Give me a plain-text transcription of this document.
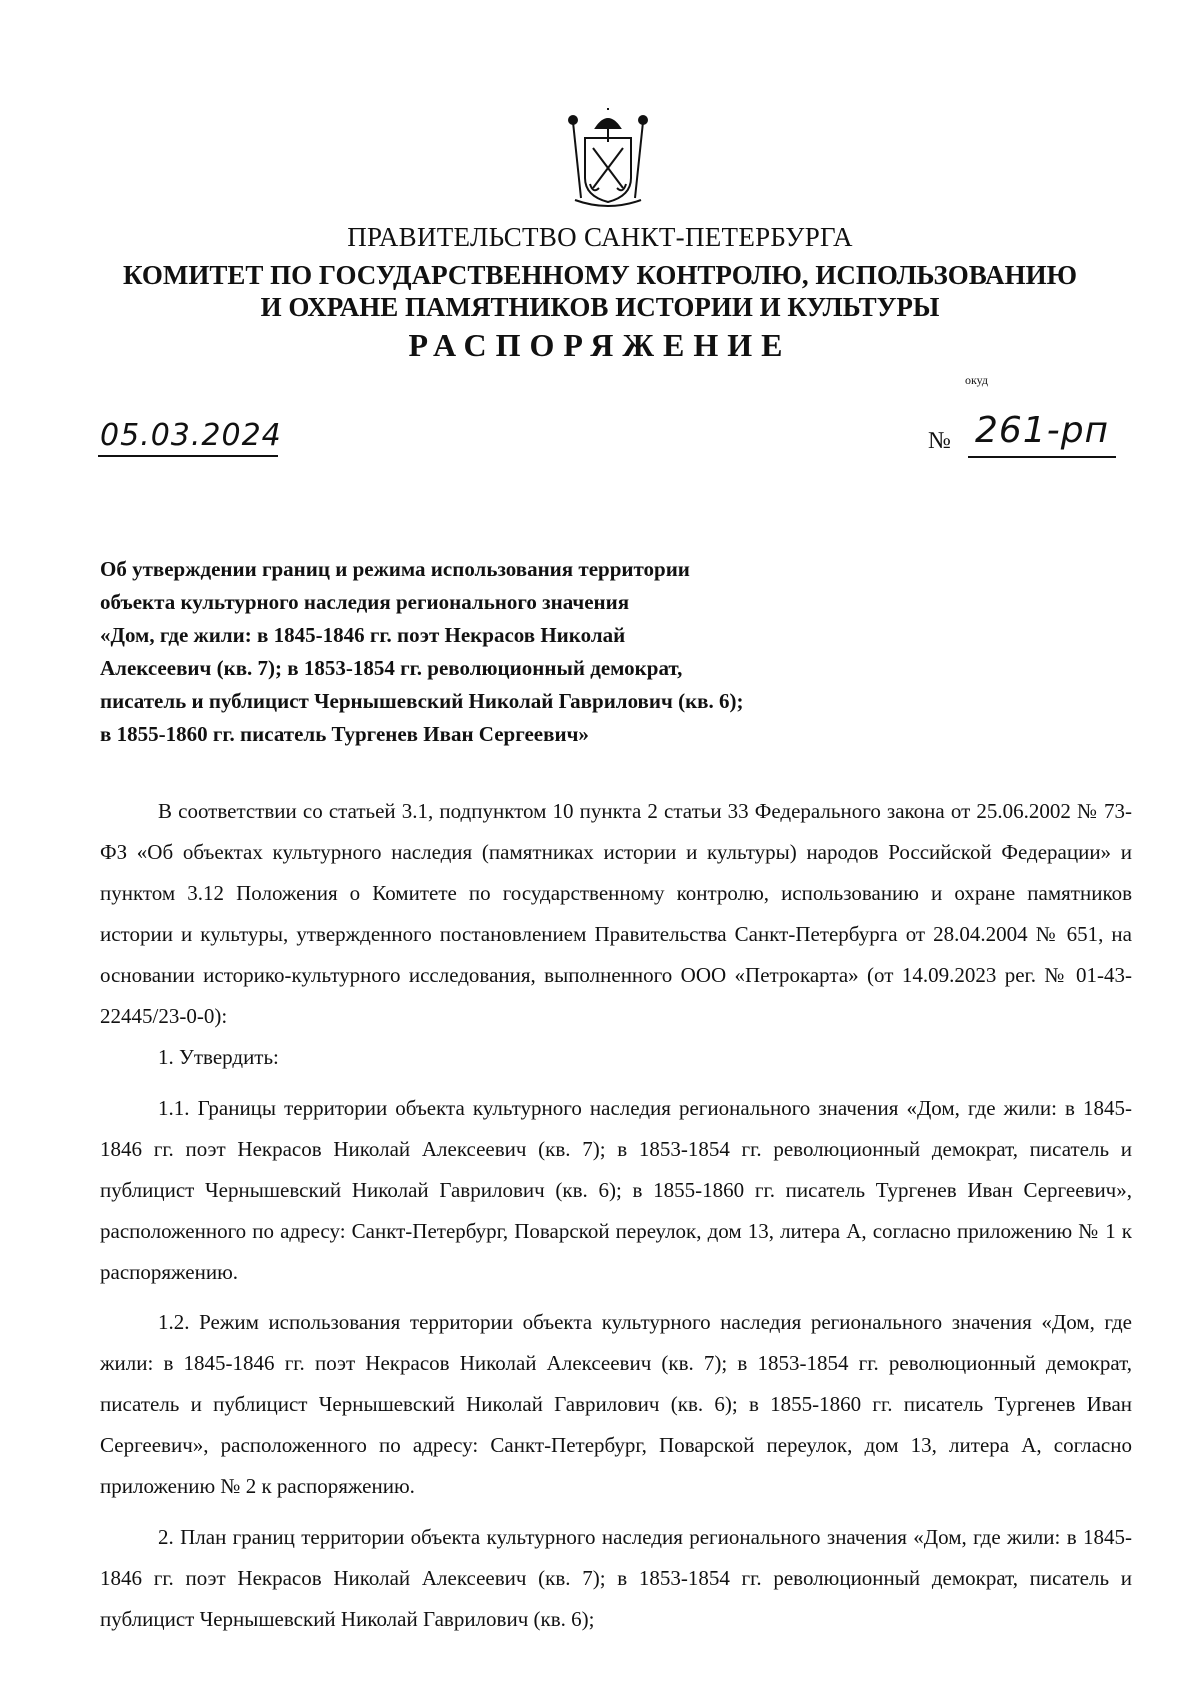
ПРАВИТЕЛЬСТВО САНКТ-ПЕТЕРБУРГА
КОМИТЕТ ПО ГОСУДАРСТВЕННОМУ КОНТРОЛЮ, ИСПОЛЬЗОВАНИЮ
И ОХРАНЕ ПАМЯТНИКОВ ИСТОРИИ И КУЛЬТУРЫ
РАСПОРЯЖЕНИЕ
окуд
05.03.2024	№ 261-рп
Об утверждении границ и режима использования территории
объекта культурного наследия регионального значения
«Дом, где жили: в 1845-1846 гг. поэт Некрасов Николай
Алексеевич (кв. 7); в 1853-1854 гг. революционный демократ,
писатель и публицист Чернышевский Николай Гаврилович (кв. 6);
в 1855-1860 гг. писатель Тургенев Иван Сергеевич»

В соответствии со статьей 3.1, подпунктом 10 пункта 2 статьи 33 Федерального закона от 25.06.2002 № 73-ФЗ «Об объектах культурного наследия (памятниках истории и культуры) народов Российской Федерации» и пунктом 3.12 Положения о Комитете по государственному контролю, использованию и охране памятников истории и культуры, утвержденного постановлением Правительства Санкт-Петербурга от 28.04.2004 № 651, на основании историко-культурного исследования, выполненного ООО «Петрокарта» (от 14.09.2023 рег. № 01-43-22445/23-0-0):

1. Утвердить:

1.1. Границы территории объекта культурного наследия регионального значения «Дом, где жили: в 1845-1846 гг. поэт Некрасов Николай Алексеевич (кв. 7); в 1853-1854 гг. революционный демократ, писатель и публицист Чернышевский Николай Гаврилович (кв. 6); в 1855-1860 гг. писатель Тургенев Иван Сергеевич», расположенного по адресу: Санкт-Петербург, Поварской переулок, дом 13, литера А, согласно приложению № 1 к распоряжению.

1.2. Режим использования территории объекта культурного наследия регионального значения «Дом, где жили: в 1845-1846 гг. поэт Некрасов Николай Алексеевич (кв. 7); в 1853-1854 гг. революционный демократ, писатель и публицист Чернышевский Николай Гаврилович (кв. 6); в 1855-1860 гг. писатель Тургенев Иван Сергеевич», расположенного по адресу: Санкт-Петербург, Поварской переулок, дом 13, литера А, согласно приложению № 2 к распоряжению.

2. План границ территории объекта культурного наследия регионального значения «Дом, где жили: в 1845-1846 гг. поэт Некрасов Николай Алексеевич (кв. 7); в 1853-1854 гг. революционный демократ, писатель и публицист Чернышевский Николай Гаврилович (кв. 6);
